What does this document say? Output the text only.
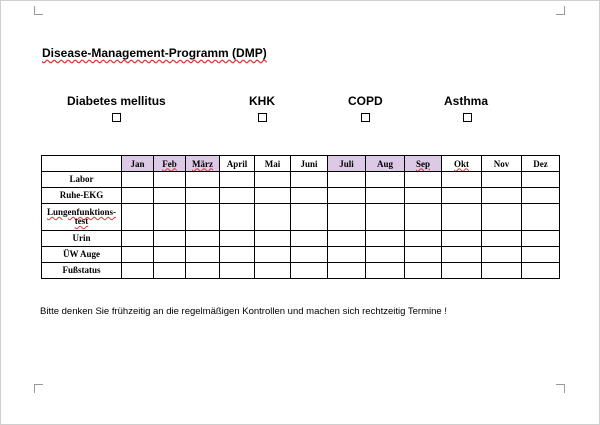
Disease-Management-Programm (DMP)
Diabetes mellitus	KHK	COPD	Asthma
	Jan	Feb	März	April	Mai	Juni	Juli	Aug	Sep	Okt	Nov	Dez
Labor												
Ruhe-EKG												
Lungenfunktions-test												
Urin												
ÜW Auge												
Fußstatus												
Bitte denken Sie frühzeitig an die regelmäßigen Kontrollen und machen sich rechtzeitig Termine !
